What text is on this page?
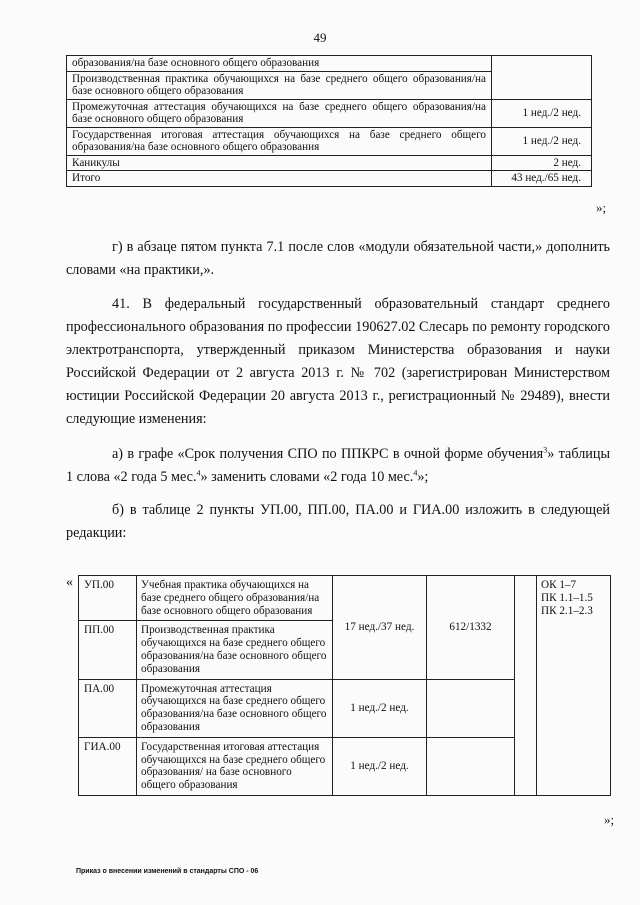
49
образования/на базе основного общего образования	
Производственная практика обучающихся на базе среднего общего образования/на базе основного общего образования	
Промежуточная аттестация обучающихся на базе среднего общего образования/на базе основного общего образования	1 нед./2 нед.
Государственная итоговая аттестация обучающихся на базе среднего общего образования/на базе основного общего образования	1 нед./2 нед.
Каникулы	2 нед.
Итого	43 нед./65 нед.
»;

г) в абзаце пятом пункта 7.1 после слов «модули обязательной части,» дополнить словами «на практики,».

41. В федеральный государственный образовательный стандарт среднего профессионального образования по профессии 190627.02 Слесарь по ремонту городского электротранспорта, утвержденный приказом Министерства образования и науки Российской Федерации от 2 августа 2013 г. № 702 (зарегистрирован Министерством юстиции Российской Федерации 20 августа 2013 г., регистрационный № 29489), внести следующие изменения:

а) в графе «Срок получения СПО по ППКРС в очной форме обучения$^3$» таблицы 1 слова «2 года 5 мес.$^4$» заменить словами «2 года 10 мес.$^4$»;

б) в таблице 2 пункты УП.00, ПП.00, ПА.00 и ГИА.00 изложить в следующей редакции:

« УП.00	Учебная практика обучающихся на базе среднего общего образования/на базе основного общего образования	17 нед./37 нед.	612/1332		ОК 1–7
ПК 1.1–1.5
ПК 2.1–2.3

ПП.00	Производственная практика обучающихся на базе среднего общего образования/на базе основного общего образования				
ПА.00	Промежуточная аттестация обучающихся на базе среднего общего образования/на базе основного общего образования	1 нед./2 нед.			
ГИА.00	Государственная итоговая аттестация обучающихся на базе среднего общего образования/ на базе основного общего образования	1 нед./2 нед.			
»;
Приказ о внесении изменений в стандарты СПО - 06
